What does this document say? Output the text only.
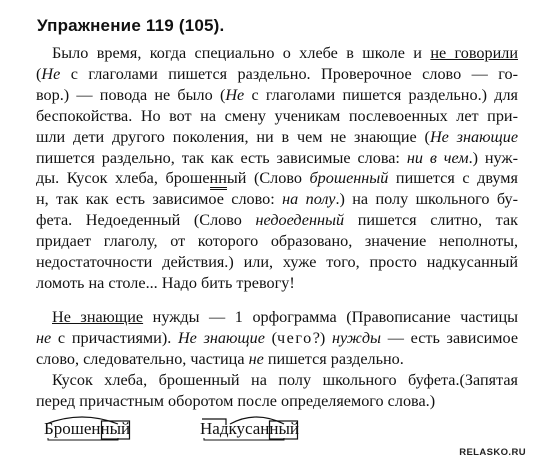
Упражнение 119 (105).
Было время, когда специально о хлебе в школе и не говорили
(Не с глаголами пишется раздельно. Проверочное слово — го-
вор.) — повода не было (Не с глаголами пишется раздельно.) для
беспокойства. Но вот на смену ученикам послевоенных лет при-
шли дети другого поколения, ни в чем не знающие (Не знающие
пишется раздельно, так как есть зависимые слова: ни в чем.) нуж-
ды. Кусок хлеба, брошенный (Слово брошенный пишется с двумя
н, так как есть зависимое слово: на полу.) на полу школьного бу-
фета. Недоеденный (Слово недоеденный пишется слитно, так
придает глаголу, от которого образовано, значение неполноты,
недостаточности действия.) или, хуже того, просто надкусанный
ломоть на столе... Надо бить тревогу!
Не знающие нужды — 1 орфограмма (Правописание частицы
не с причастиями). Не знающие (чего?) нужды — есть зависимое
слово, следовательно, частица не пишется раздельно.
Кусок хлеба, брошенный на полу школьного буфета.(Запятая
перед причастным оборотом после определяемого слова.)
Брошен
ный	Надкусан
ный
RELASKO.RU
